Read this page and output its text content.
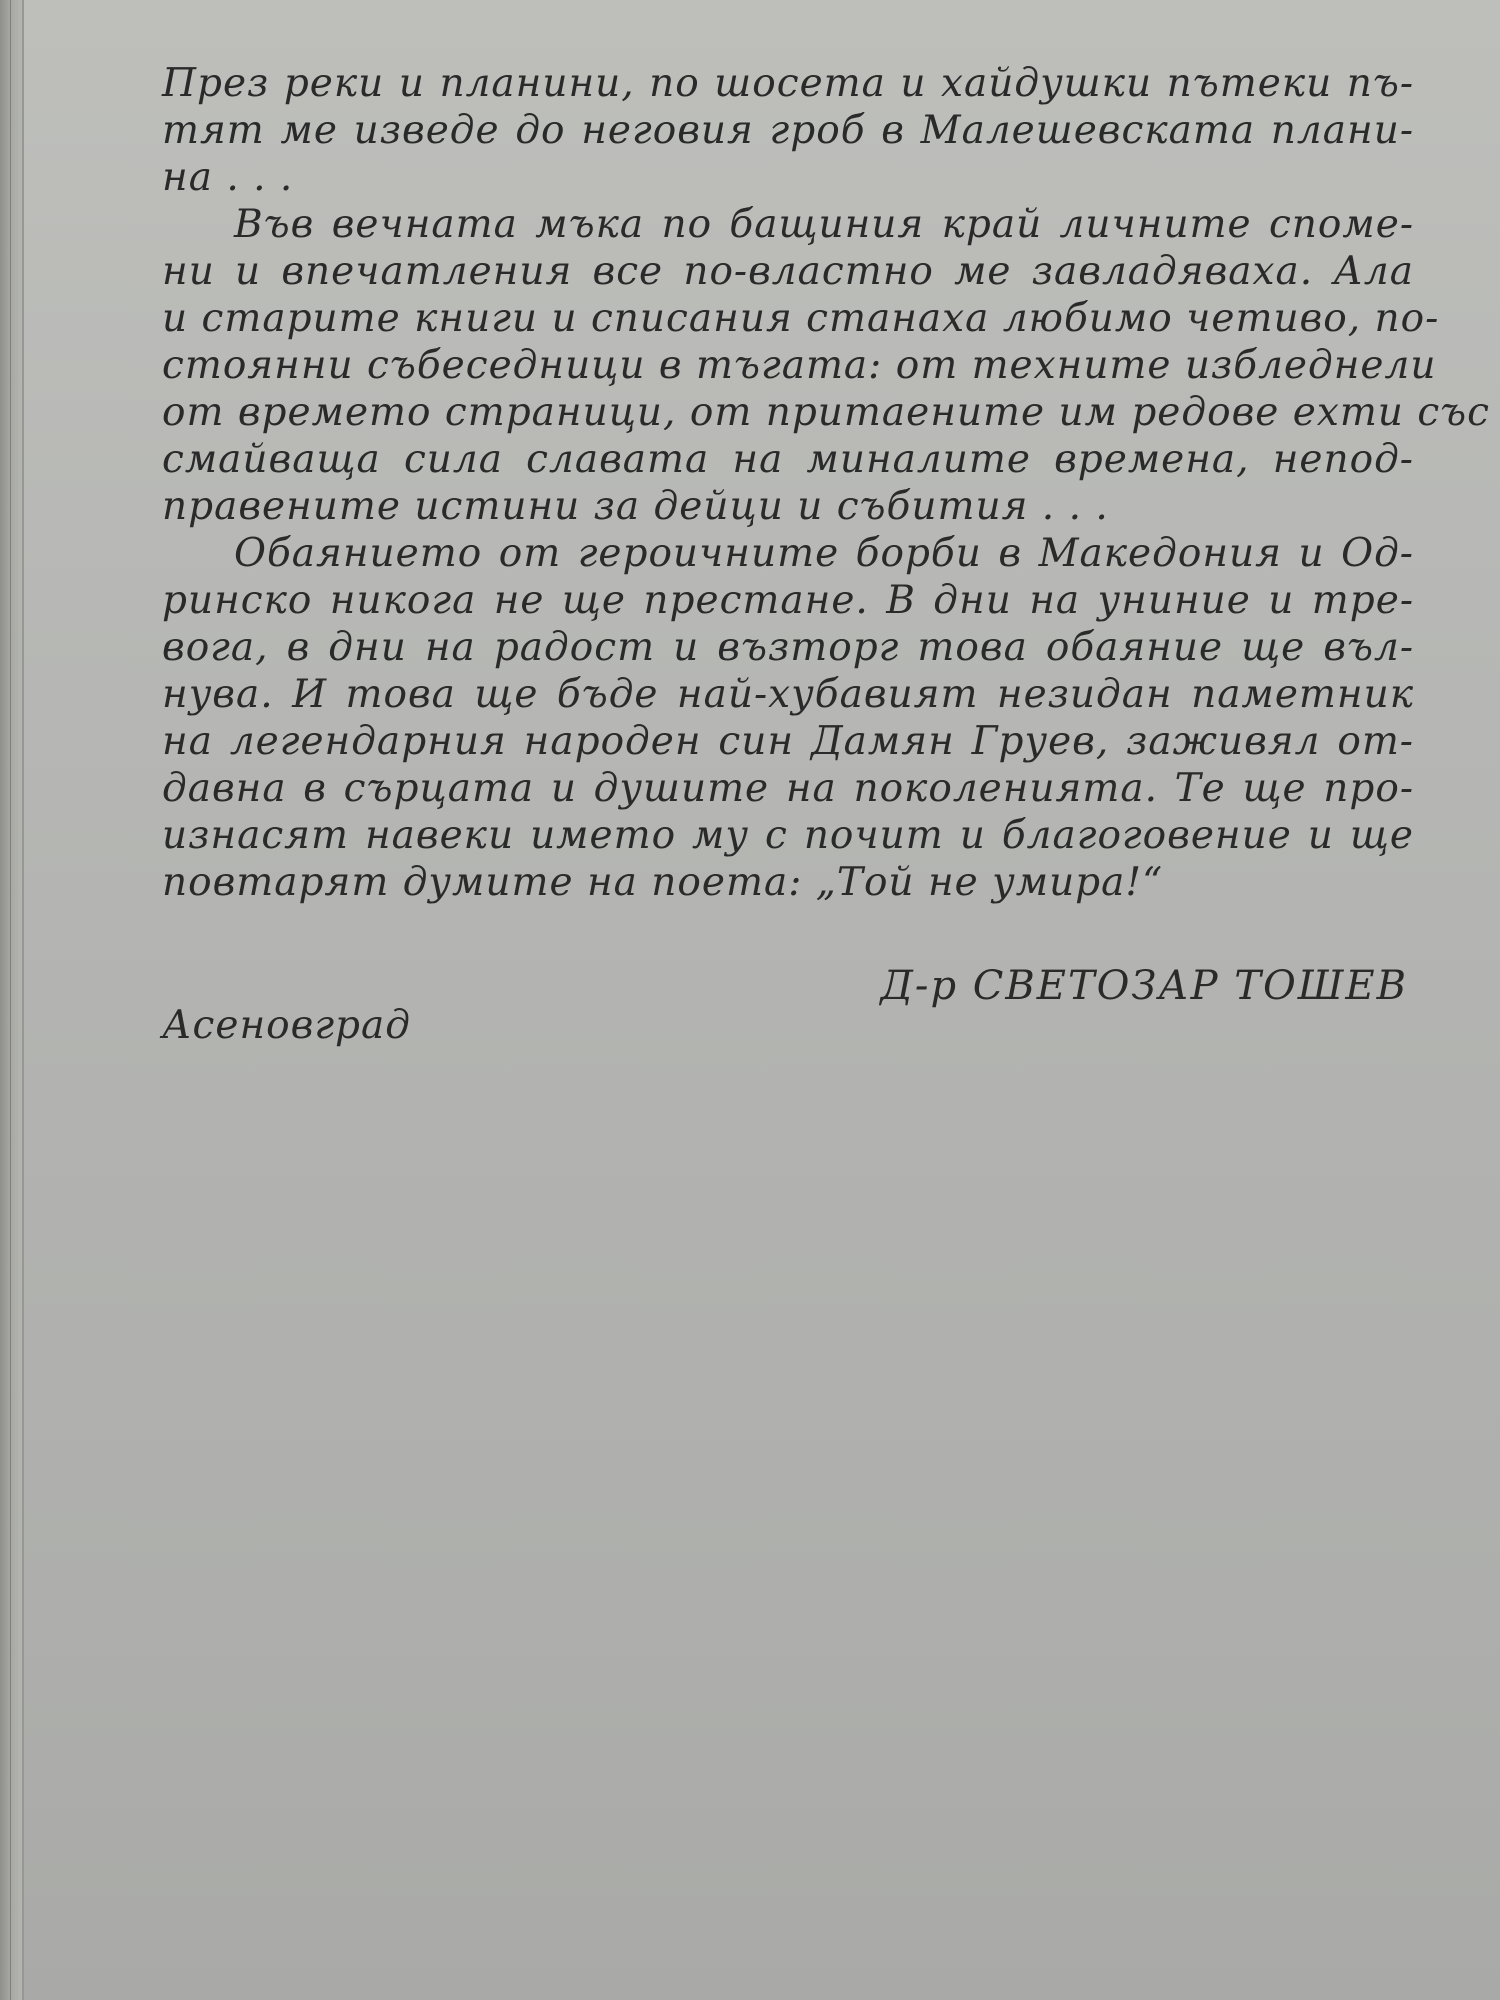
През реки и планини, по шосета и хайдушки пътеки пъ-
тят ме изведе до неговия гроб в Малешевската плани-
на . . .
Във вечната мъка по бащиния край личните споме-
ни и впечатления все по-властно ме завладяваха. Ала
и старите книги и списания станаха любимо четиво, по-
стоянни събеседници в тъгата: от техните избледнели
от времето страници, от притаените им редове ехти със
смайваща сила славата на миналите времена, непод-
правените истини за дейци и събития . . .
Обаянието от героичните борби в Македония и Од-
ринско никога не ще престане. В дни на униние и тре-
вога, в дни на радост и възторг това обаяние ще въл-
нува. И това ще бъде най-хубавият незидан паметник
на легендарния народен син Дамян Груев, заживял от-
давна в сърцата и душите на поколенията. Те ще про-
изнасят навеки името му с почит и благоговение и ще
повтарят думите на поета: „Той не умира!“
Д-р СВЕТОЗАР ТОШЕВ
Асеновград
